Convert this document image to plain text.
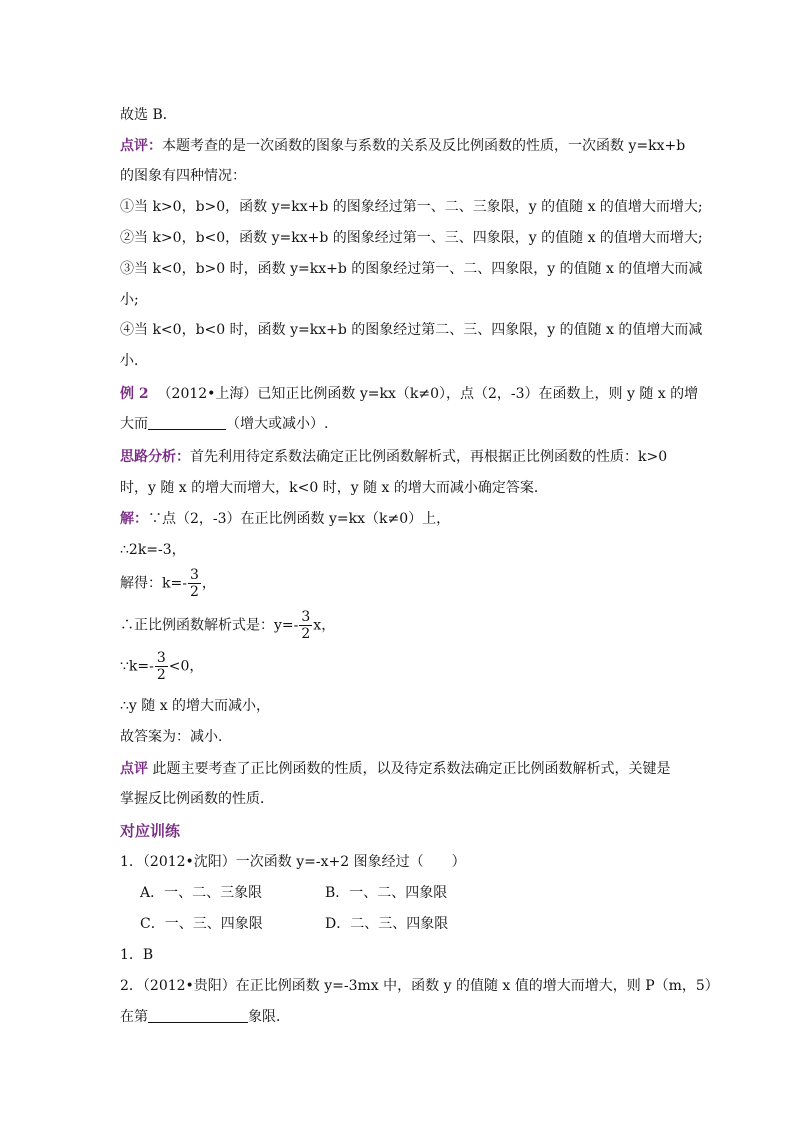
故选 B．
点评：本题考查的是一次函数的图象与系数的关系及反比例函数的性质，一次函数 y=kx+b
的图象有四种情况：
①当 k>0，b>0，函数 y=kx+b 的图象经过第一、二、三象限，y 的值随 x 的值增大而增大;
②当 k>0，b<0，函数 y=kx+b 的图象经过第一、三、四象限，y 的值随 x 的值增大而增大;
③当 k<0，b>0 时，函数 y=kx+b 的图象经过第一、二、四象限，y 的值随 x 的值增大而减
小;
④当 k<0，b<0 时，函数 y=kx+b 的图象经过第二、三、四象限，y 的值随 x 的值增大而减
小．
例 2 （2012•上海）已知正比例函数 y=kx（k≠0），点（2，-3）在函数上，则 y 随 x 的增
大而	（增大或减小）.
思路分析：首先利用待定系数法确定正比例函数解析式，再根据正比例函数的性质：k>0
时，y 随 x 的增大而增大，k<0 时，y 随 x 的增大而减小确定答案．
解：∵点（2，-3）在正比例函数 y=kx（k≠0）上，
∴2k=-3，
解得：$k=- \frac{3}{2}$ ，
∴正比例函数解析式是：$y=- \frac{3}{2}$ x，
∵k=- $\frac{3}{2} <0$，
∴y 随 x 的增大而减小，
故答案为：减小．
点评 此题主要考查了正比例函数的性质，以及待定系数法确定正比例函数解析式，关键是
掌握反比例函数的性质．
对应训练
1．（2012•沈阳）一次函数 y=-x+2 图象经过（　　）
A．一、二、三象限	B．一、二、四象限
C．一、三、四象限	D．二、三、四象限
1．B
2．（2012•贵阳）在正比例函数 y=-3mx 中，函数 y 的值随 x 值的增大而增大，则 P（m，5）
在第	象限．
